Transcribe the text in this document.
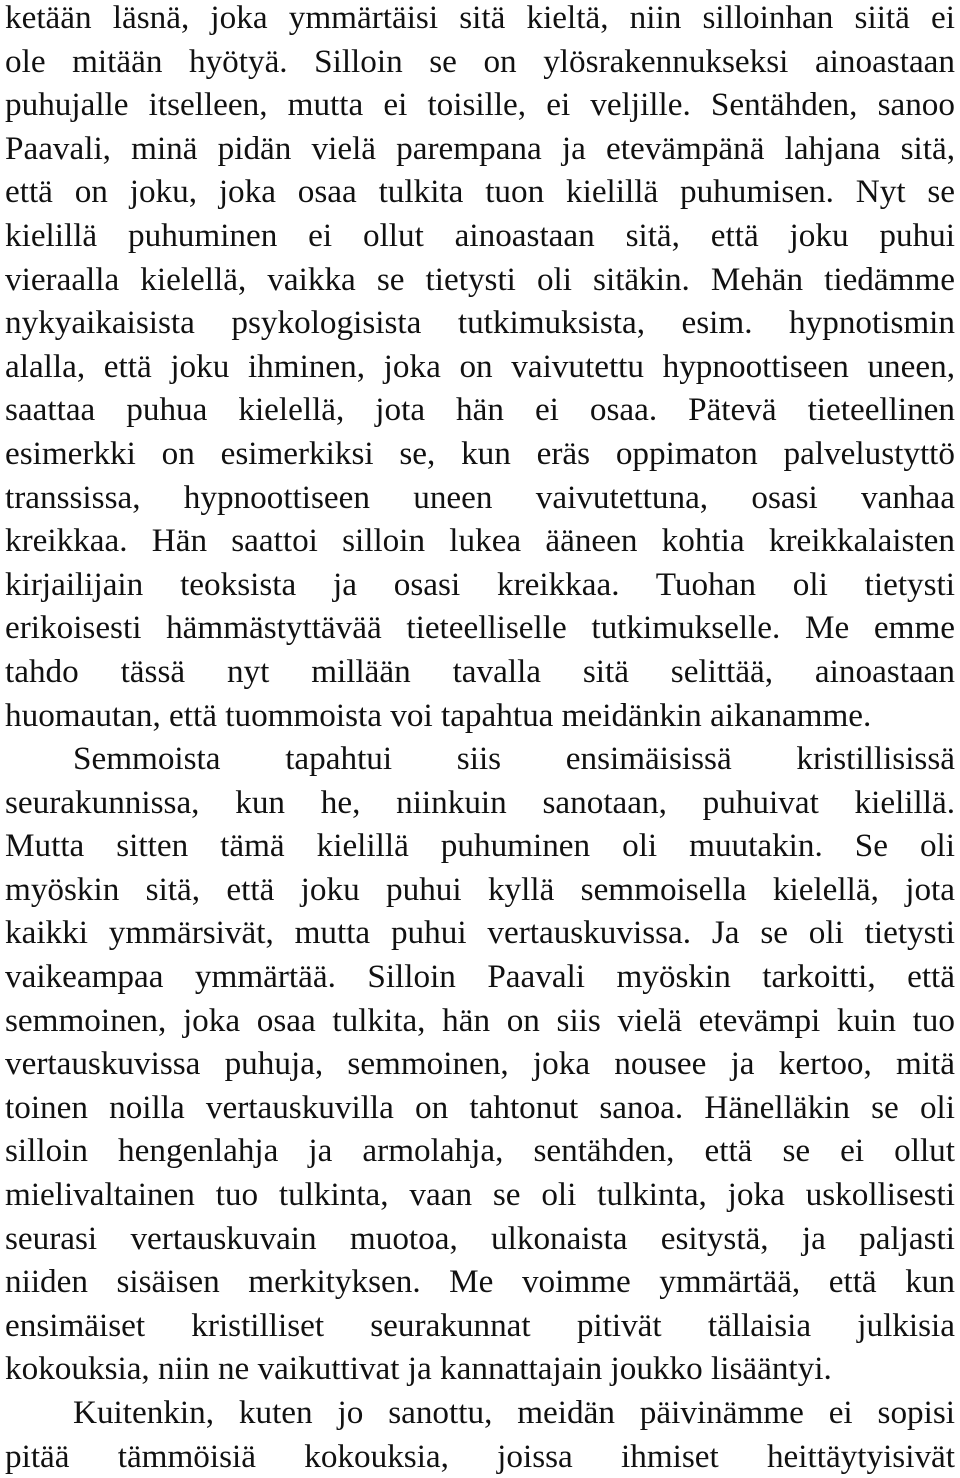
ketään läsnä, joka ymmärtäisi sitä kieltä, niin silloinhan siitä ei
ole mitään hyötyä. Silloin se on ylösrakennukseksi ainoastaan
puhujalle itselleen, mutta ei toisille, ei veljille. Sentähden, sanoo
Paavali, minä pidän vielä parempana ja etevämpänä lahjana sitä,
että on joku, joka osaa tulkita tuon kielillä puhumisen. Nyt se
kielillä puhuminen ei ollut ainoastaan sitä, että joku puhui
vieraalla kielellä, vaikka se tietysti oli sitäkin. Mehän tiedämme
nykyaikaisista psykologisista tutkimuksista, esim. hypnotismin
alalla, että joku ihminen, joka on vaivutettu hypnoottiseen uneen,
saattaa puhua kielellä, jota hän ei osaa. Pätevä tieteellinen
esimerkki on esimerkiksi se, kun eräs oppimaton palvelustyttö
transsissa, hypnoottiseen uneen vaivutettuna, osasi vanhaa
kreikkaa. Hän saattoi silloin lukea ääneen kohtia kreikkalaisten
kirjailijain teoksista ja osasi kreikkaa. Tuohan oli tietysti
erikoisesti hämmästyttävää tieteelliselle tutkimukselle. Me emme
tahdo tässä nyt millään tavalla sitä selittää, ainoastaan
huomautan, että tuommoista voi tapahtua meidänkin aikanamme.
Semmoista tapahtui siis ensimäisissä kristillisissä
seurakunnissa, kun he, niinkuin sanotaan, puhuivat kielillä.
Mutta sitten tämä kielillä puhuminen oli muutakin. Se oli
myöskin sitä, että joku puhui kyllä semmoisella kielellä, jota
kaikki ymmärsivät, mutta puhui vertauskuvissa. Ja se oli tietysti
vaikeampaa ymmärtää. Silloin Paavali myöskin tarkoitti, että
semmoinen, joka osaa tulkita, hän on siis vielä etevämpi kuin tuo
vertauskuvissa puhuja, semmoinen, joka nousee ja kertoo, mitä
toinen noilla vertauskuvilla on tahtonut sanoa. Hänelläkin se oli
silloin hengenlahja ja armolahja, sentähden, että se ei ollut
mielivaltainen tuo tulkinta, vaan se oli tulkinta, joka uskollisesti
seurasi vertauskuvain muotoa, ulkonaista esitystä, ja paljasti
niiden sisäisen merkityksen. Me voimme ymmärtää, että kun
ensimäiset kristilliset seurakunnat pitivät tällaisia julkisia
kokouksia, niin ne vaikuttivat ja kannattajain joukko lisääntyi.
Kuitenkin, kuten jo sanottu, meidän päivinämme ei sopisi
pitää tämmöisiä kokouksia, joissa ihmiset heittäytyisivät
